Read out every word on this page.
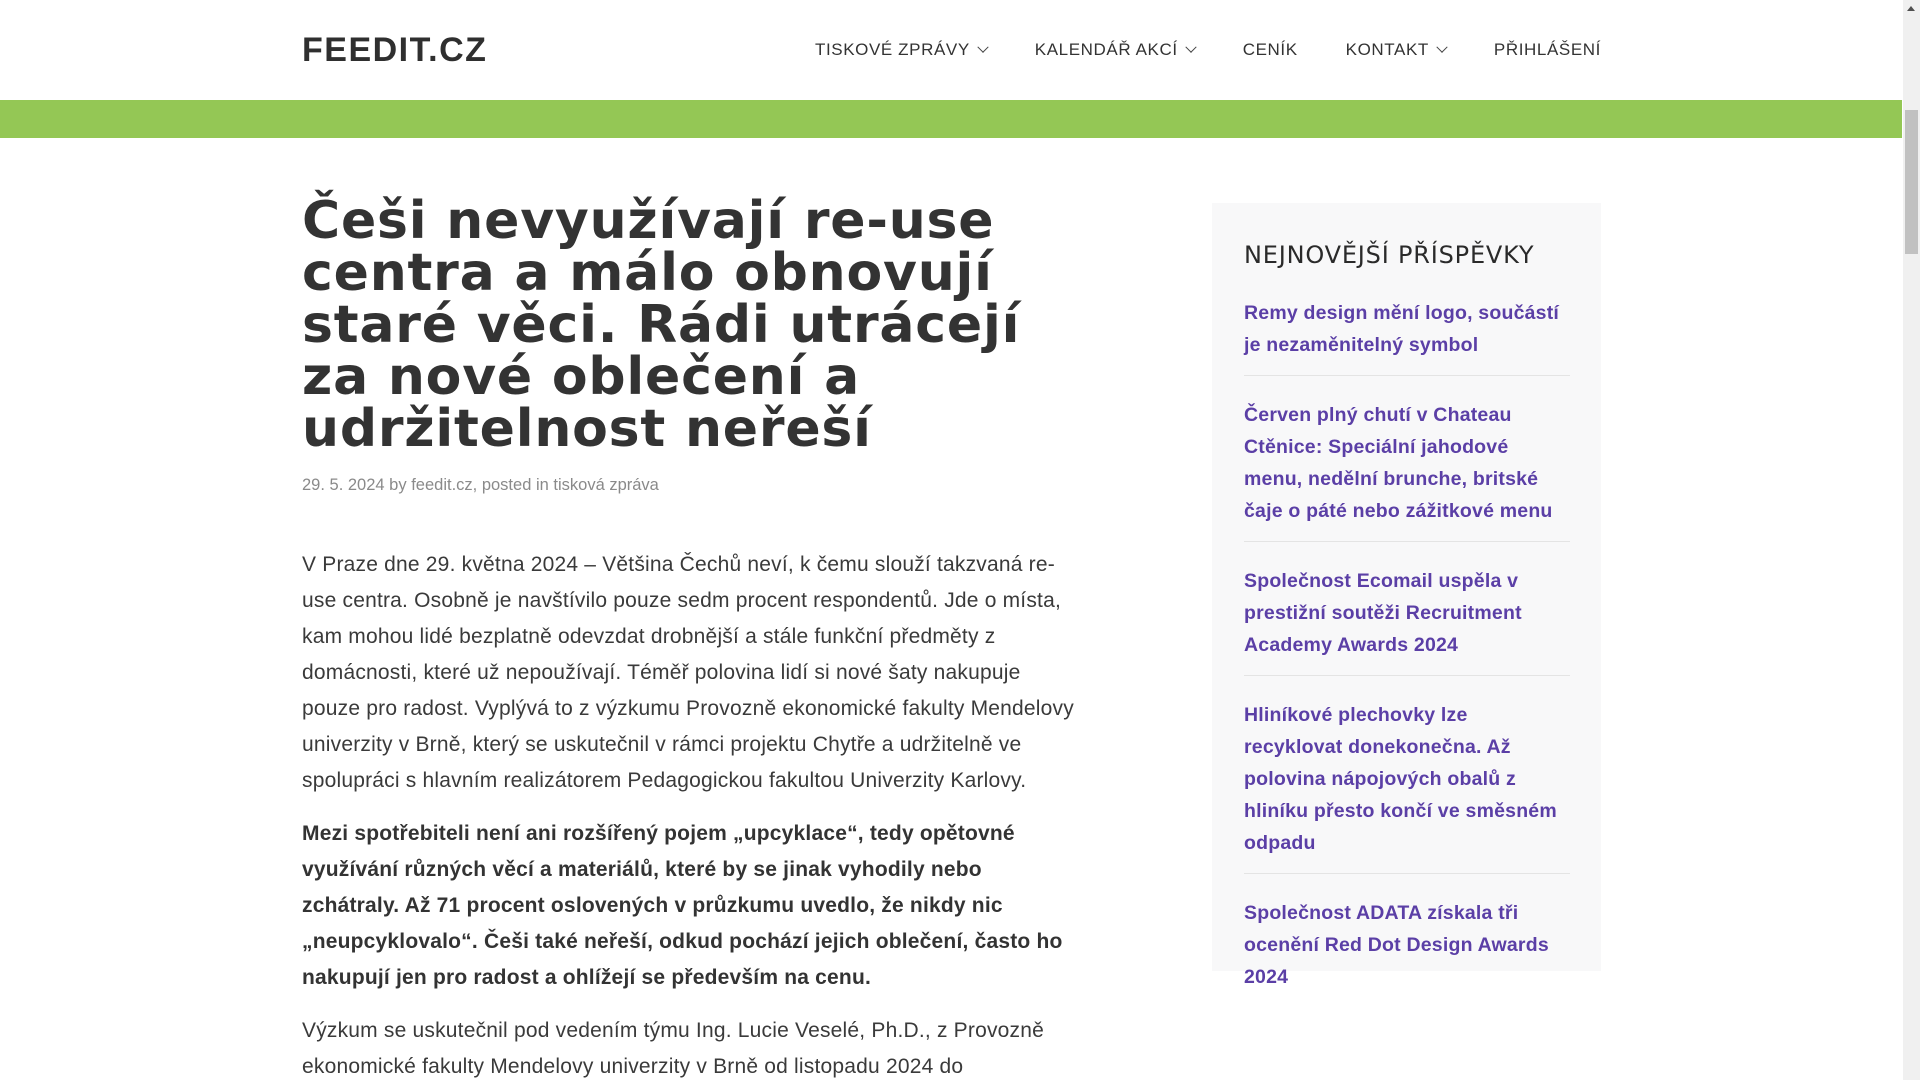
FEEDIT.CZ	TISKOVÉ ZPRÁVY	KALENDÁŘ AKCÍ	CENÍK	KONTAKT	PŘIHLÁŠENÍ
Češi nevyužívají re-use centra a málo obnovují staré věci. Rádi utrácejí za nové oblečení a udržitelnost neřeší
29. 5. 2024 by feedit.cz, posted in tisková zpráva

V Praze dne 29. května 2024 – Většina Čechů neví, k čemu slouží takzvaná re-use centra. Osobně je navštívilo pouze sedm procent respondentů. Jde o místa, kam mohou lidé bezplatně odevzdat drobnější a stále funkční předměty z domácnosti, které už nepoužívají. Téměř polovina lidí si nové šaty nakupuje pouze pro radost. Vyplývá to z výzkumu Provozně ekonomické fakulty Mendelovy univerzity v Brně, který se uskutečnil v rámci projektu Chytře a udržitelně ve spolupráci s hlavním realizátorem Pedagogickou fakultou Univerzity Karlovy.

Mezi spotřebiteli není ani rozšířený pojem „upcyklace“, tedy opětovné využívání různých věcí a materiálů, které by se jinak vyhodily nebo zchátraly. Až 71 procent oslovených v průzkumu uvedlo, že nikdy nic „neupcyklovalo“. Češi také neřeší, odkud pochází jejich oblečení, často ho nakupují jen pro radost a ohlížejí se především na cenu.

Výzkum se uskutečnil pod vedením týmu Ing. Lucie Veselé, Ph.D., z Provozně ekonomické fakulty Mendelovy univerzity v Brně od listopadu 2024 do

NEJNOVĚJŠÍ PŘÍSPĚVKY
Remy design mění logo, součástí je nezaměnitelný symbol
Červen plný chutí v Chateau Ctěnice: Speciální jahodové menu, nedělní brunche, britské čaje o páté nebo zážitkové menu
Společnost Ecomail uspěla v prestižní soutěži Recruitment Academy Awards 2024
Hliníkové plechovky lze recyklovat donekonečna. Až polovina nápojových obalů z hliníku přesto končí ve směsném odpadu
Společnost ADATA získala tři ocenění Red Dot Design Awards 2024
